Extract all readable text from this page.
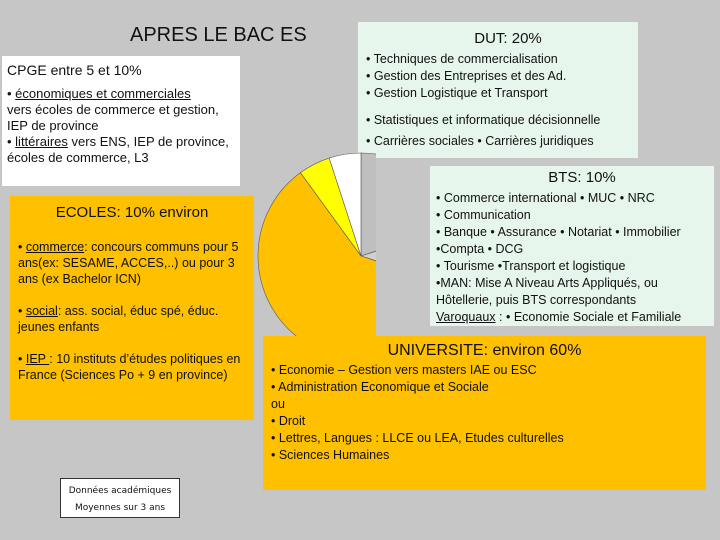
APRES LE BAC ES
CPGE entre 5 et 10%
• économiques et commerciales
vers écoles de commerce et gestion, IEP de province
• littéraires vers ENS, IEP de province, écoles de commerce, L3
DUT: 20%
• Techniques de commercialisation
• Gestion des Entreprises et des Ad.
• Gestion Logistique et Transport
• Statistiques et informatique décisionnelle
• Carrières sociales • Carrières juridiques
BTS: 10%
• Commerce international • MUC • NRC
• Communication
• Banque • Assurance • Notariat • Immobilier
•Compta • DCG
• Tourisme •Transport et logistique
•MAN: Mise A Niveau Arts Appliqués, ou Hôtellerie, puis BTS correspondants
Varoquaux : • Economie Sociale et Familiale
ECOLES: 10% environ
• commerce: concours communs pour 5 ans(ex: SESAME, ACCES,..) ou pour 3 ans (ex Bachelor ICN)
• social: ass. social, éduc spé, éduc. jeunes enfants
• IEP : 10 instituts d’études politiques en France (Sciences Po + 9 en province)
UNIVERSITE: environ 60%
• Economie – Gestion vers masters IAE ou ESC
• Administration Economique et Sociale
ou
• Droit
• Lettres, Langues : LLCE ou LEA, Etudes culturelles
• Sciences Humaines
Données académiques
Moyennes sur 3 ans
